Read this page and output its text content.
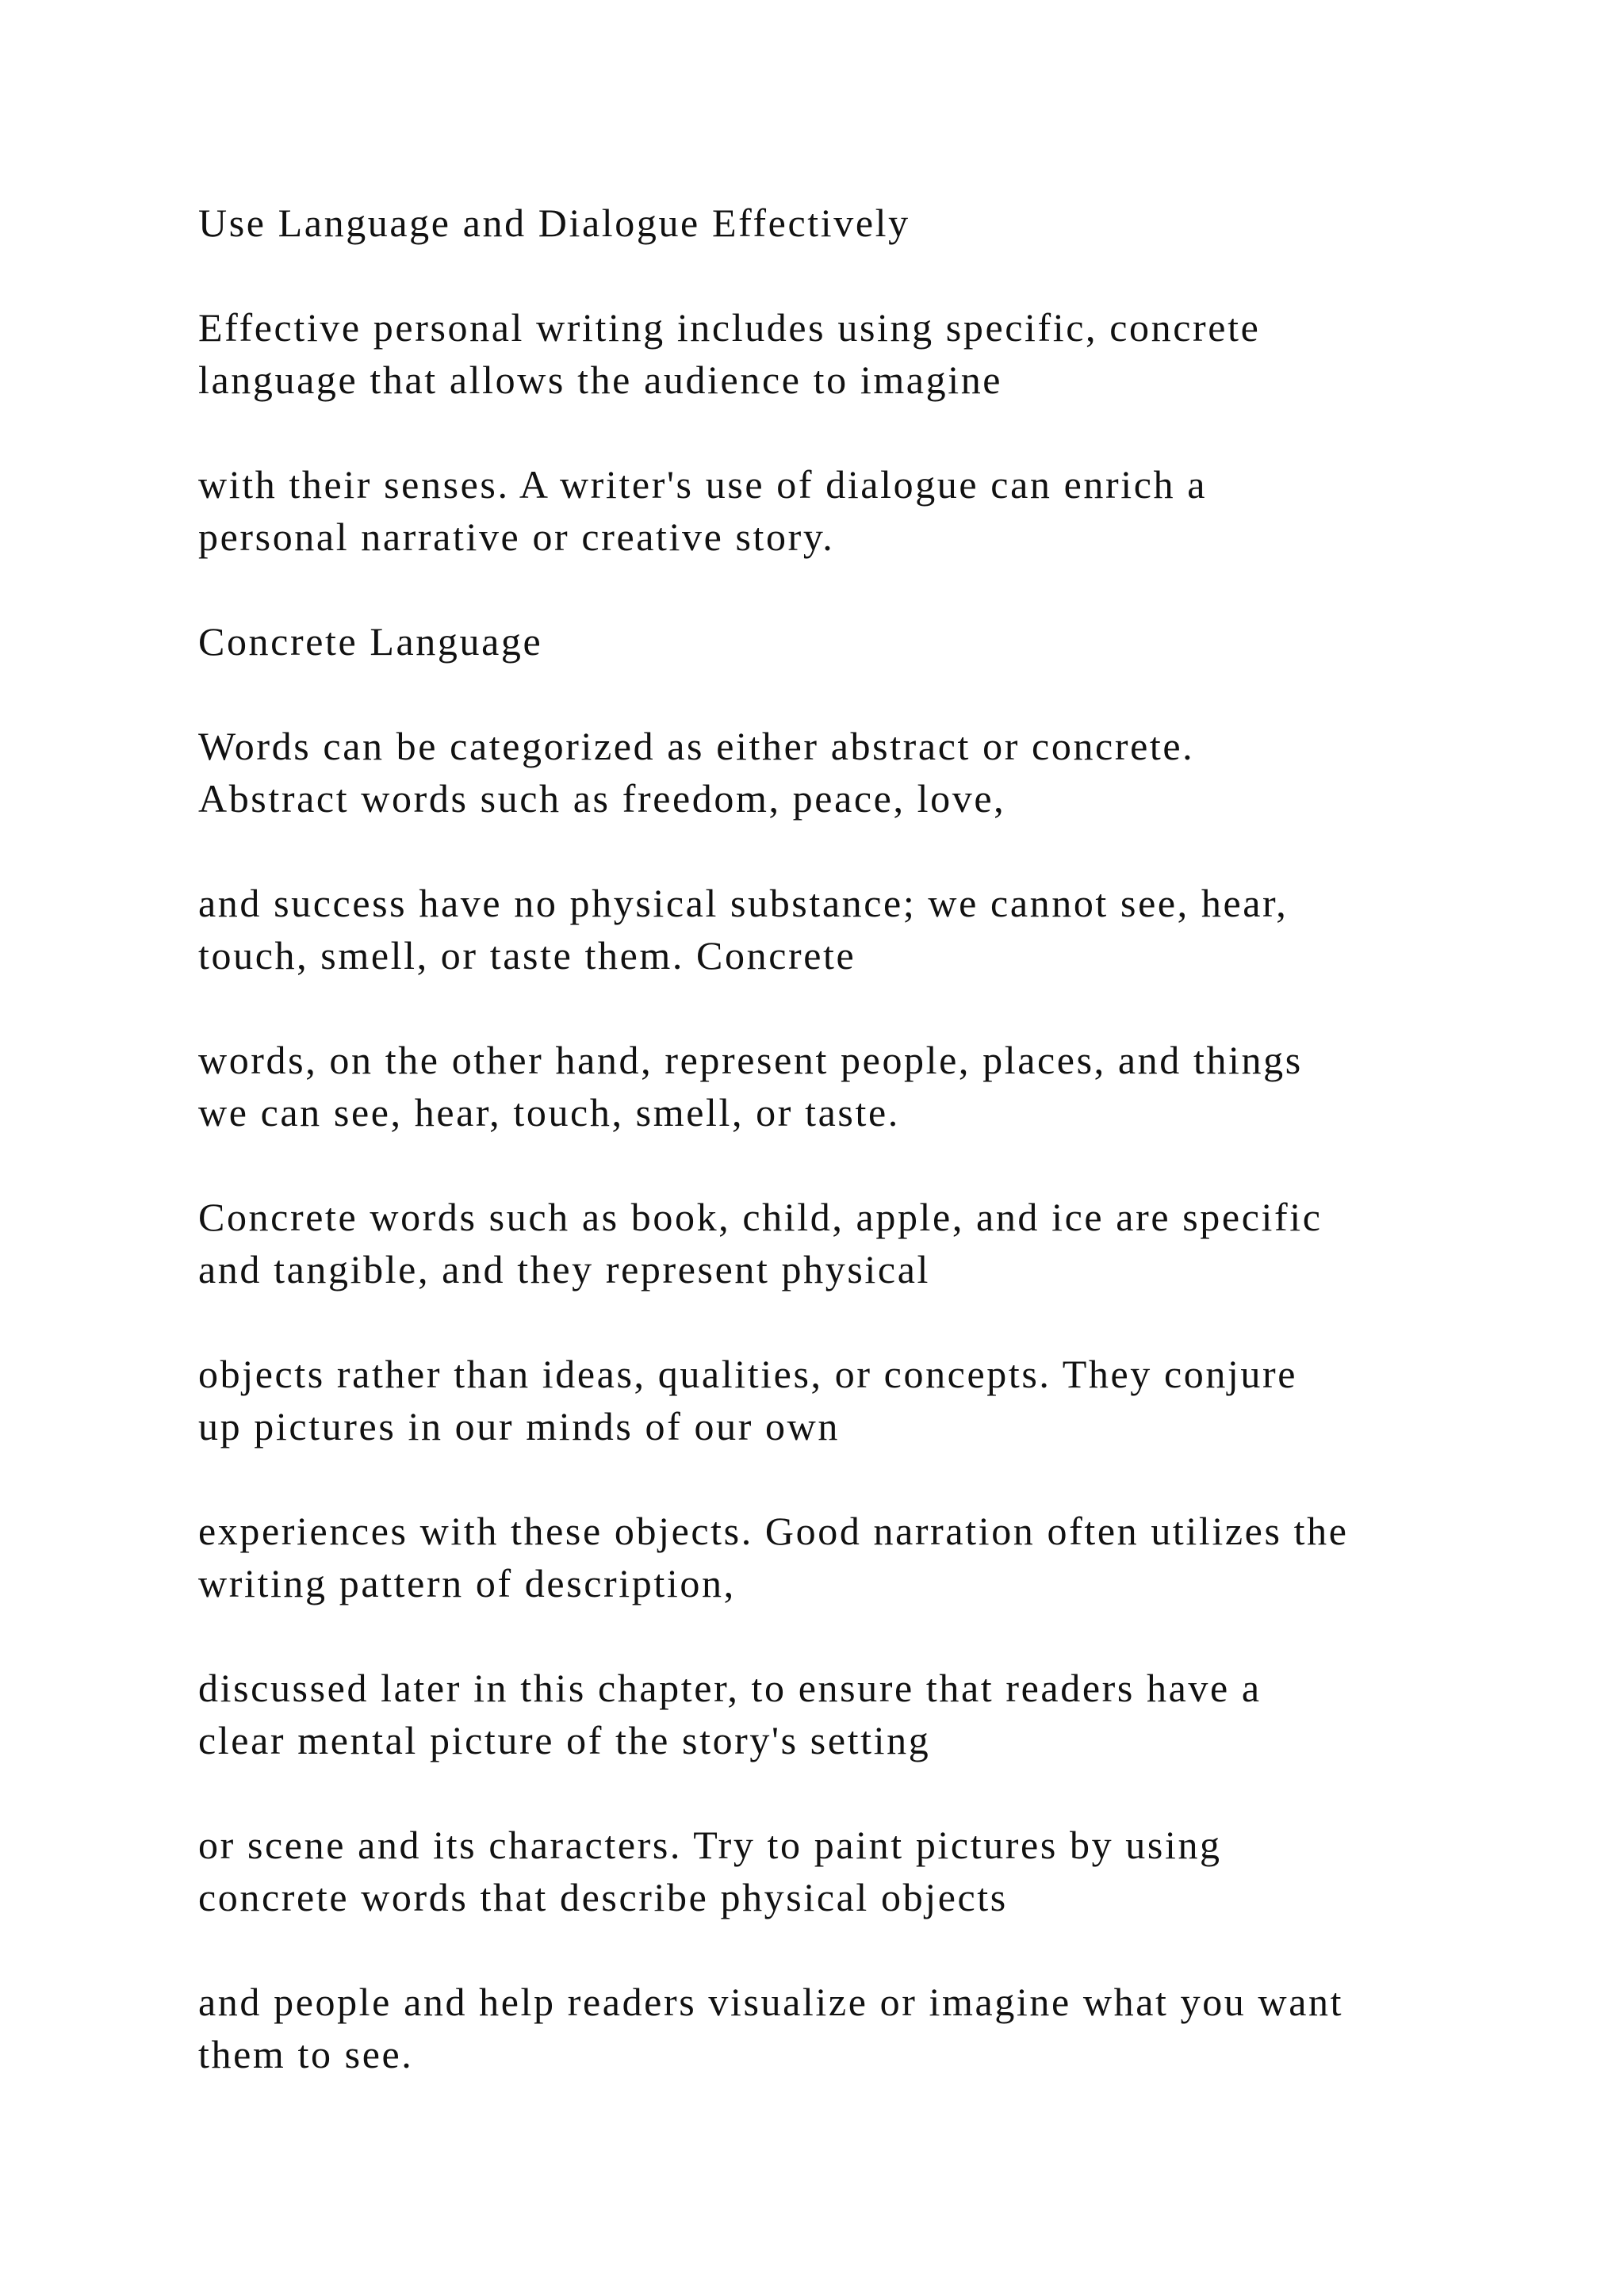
Use Language and Dialogue Effectively

Effective personal writing includes using specific, concrete
language that allows the audience to imagine

with their senses. A writer's use of dialogue can enrich a
personal narrative or creative story.

Concrete Language

Words can be categorized as either abstract or concrete.
Abstract words such as freedom, peace, love,

and success have no physical substance; we cannot see, hear,
touch, smell, or taste them. Concrete

words, on the other hand, represent people, places, and things
we can see, hear, touch, smell, or taste.

Concrete words such as book, child, apple, and ice are specific
and tangible, and they represent physical

objects rather than ideas, qualities, or concepts. They conjure
up pictures in our minds of our own

experiences with these objects. Good narration often utilizes the
writing pattern of description,

discussed later in this chapter, to ensure that readers have a
clear mental picture of the story's setting

or scene and its characters. Try to paint pictures by using
concrete words that describe physical objects

and people and help readers visualize or imagine what you want
them to see.
